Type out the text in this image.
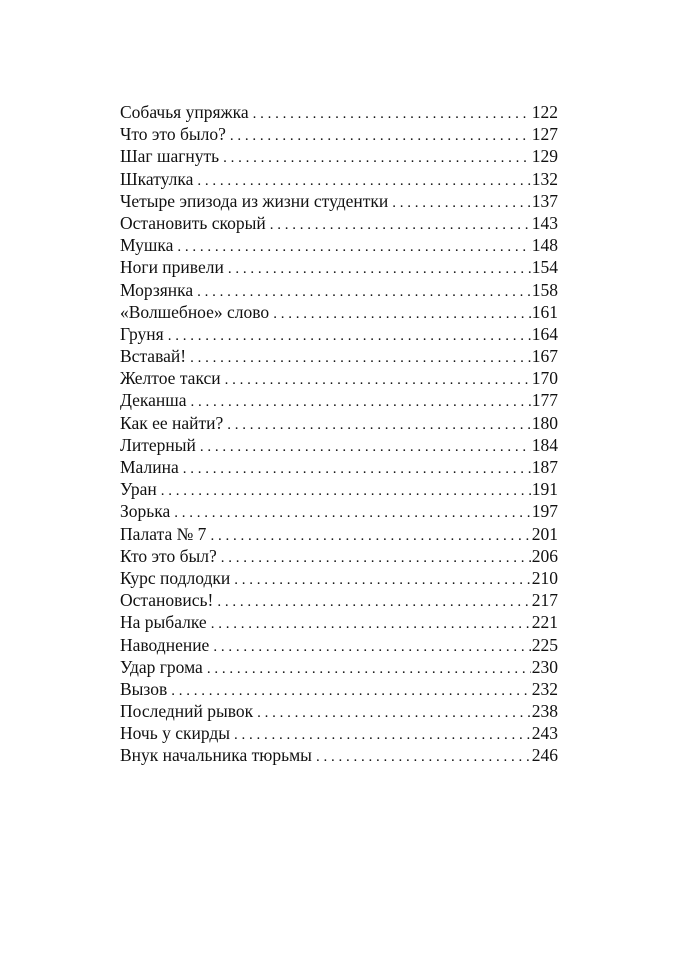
Собачья упряжка . . .	122
Что это было? . . .	127
Шаг шагнуть . . .	129
Шкатулка . . .	132
Четыре эпизода из жизни студентки . . .	137
Остановить скорый . . .	143
Мушка . . .	148
Ноги привели . . .	154
Морзянка . . .	158
«Волшебное» слово . . .	161
Груня . . .	164
Вставай! . . .	167
Желтое такси . . .	170
Деканша . . .	177
Как ее найти? . . .	180
Литерный . . .	184
Малина . . .	187
Уран . . .	191
Зорька . . .	197
Палата № 7 . . .	201
Кто это был? . . .	206
Курс подлодки . . .	210
Остановись! . . .	217
На рыбалке . . .	221
Наводнение . . .	225
Удар грома . . .	230
Вызов . . .	232
Последний рывок . . .	238
Ночь у скирды . . .	243
Внук начальника тюрьмы . . .	246
